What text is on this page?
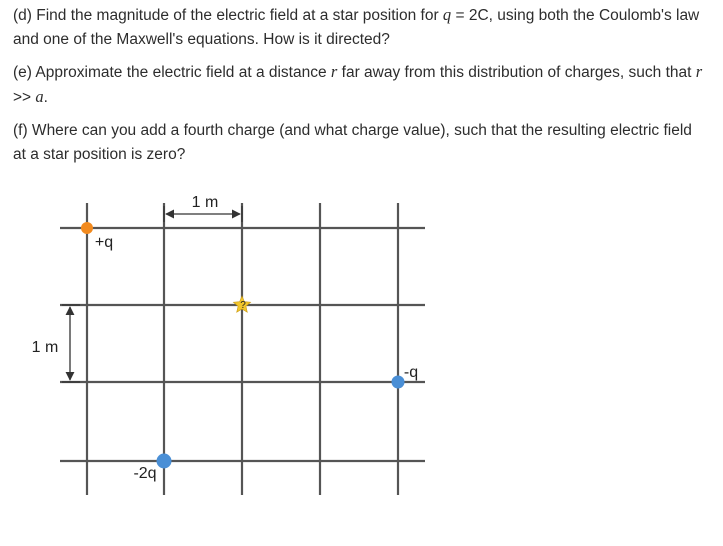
(d) Find the magnitude of the electric field at a star position for q = 2C, using both the Coulomb's law
and one of the Maxwell's equations. How is it directed?
(e) Approximate the electric field at a distance r far away from this distribution of charges, such that r
>> a.
(f) Where can you add a fourth charge (and what charge value), such that the resulting electric field
at a star position is zero?
1 m
1 m
+q
?
-q
-2q
